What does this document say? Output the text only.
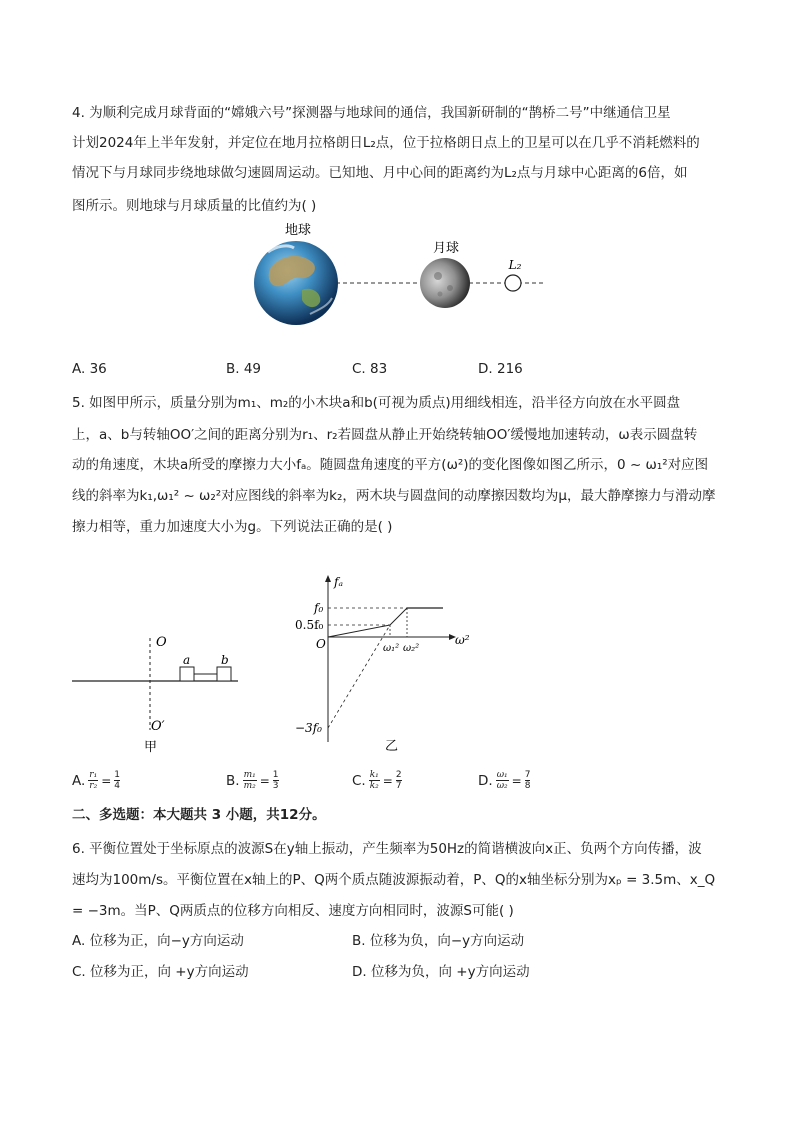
4. 为顺利完成月球背面的“嫦娥六号”探测器与地球间的通信，我国新研制的“鹊桥二号”中继通信卫星
计划2024年上半年发射，并定位在地月拉格朗日L₂点，位于拉格朗日点上的卫星可以在几乎不消耗燃料的
情况下与月球同步绕地球做匀速圆周运动。已知地、月中心间的距离约为L₂点与月球中心距离的6倍，如
图所示。则地球与月球质量的比值约为( )
地球
月球
L₂
A. 36	B. 49	C. 83	D. 216
5. 如图甲所示，质量分别为m₁、m₂的小木块a和b(可视为质点)用细线相连，沿半径方向放在水平圆盘
上，a、b与转轴OO′之间的距离分别为r₁、r₂若圆盘从静止开始绕转轴OO′缓慢地加速转动，ω表示圆盘转
动的角速度，木块a所受的摩擦力大小fₐ。随圆盘角速度的平方(ω²)的变化图像如图乙所示，0 ~ ω₁²对应图
线的斜率为k₁,ω₁² ~ ω₂²对应图线的斜率为k₂，两木块与圆盘间的动摩擦因数均为μ，最大静摩擦力与滑动摩
擦力相等，重力加速度大小为g。下列说法正确的是( )
O
a	b
O′
甲
fₐ
ω²
f₀
0.5f₀
O	ω₁² ω₂²
−3f₀
乙
A. $\frac{\text{r₁}}{\text{r₂}} = \frac{1}{4}$	B. $\frac{\text{m₁}}{\text{m₂}} = \frac{1}{3}$	C. $\frac{\text{k₁}}{\text{k₂}} = \frac{2}{7}$	D. $\frac{\text{ω₁}}{\text{ω₂}} = \frac{7}{8}$
二、多选题：本大题共 3 小题，共12分。
6. 平衡位置处于坐标原点的波源S在y轴上振动，产生频率为50Hz的简谐横波向x正、负两个方向传播，波
速均为100m/s。平衡位置在x轴上的P、Q两个质点随波源振动着，P、Q的x轴坐标分别为xₚ = 3.5m、x_Q
= −3m。当P、Q两质点的位移方向相反、速度方向相同时，波源S可能( )
A. 位移为正，向−y方向运动	B. 位移为负，向−y方向运动
C. 位移为正，向 +y方向运动	D. 位移为负，向 +y方向运动
